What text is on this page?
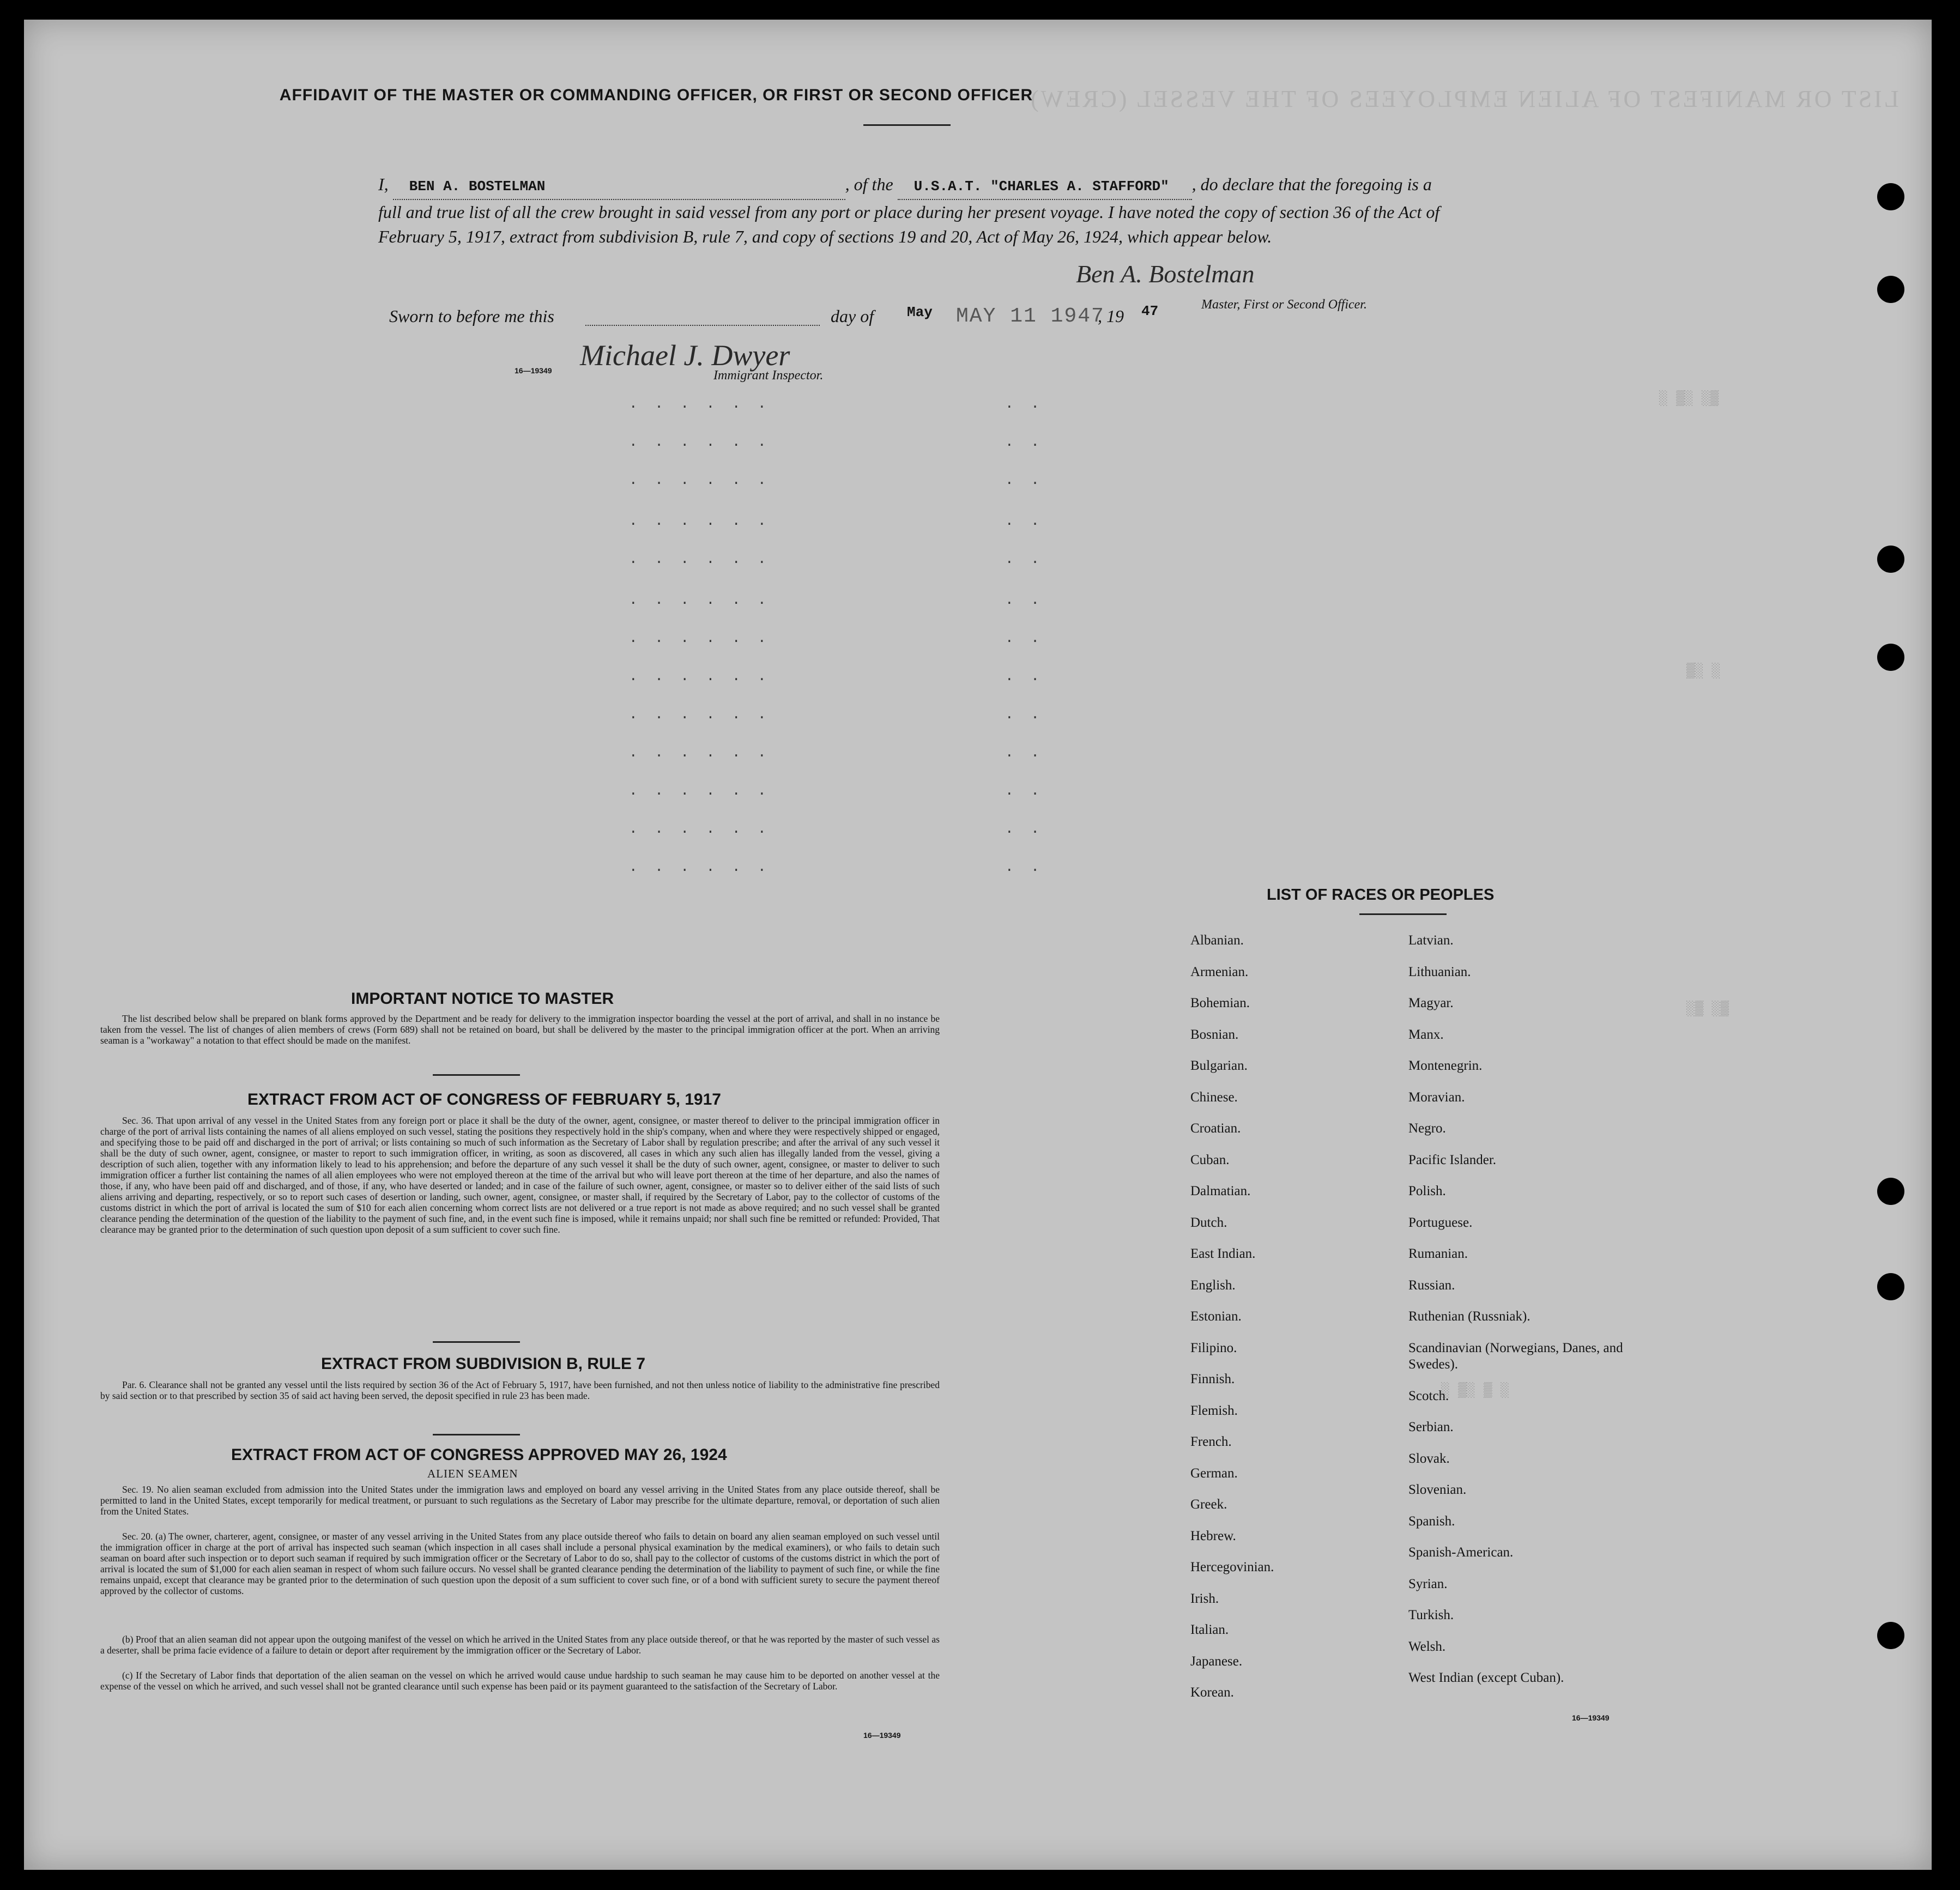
LIST OR MANIFEST OF ALIEN EMPLOYEES OF THE VESSEL (CREW)
░ ▒░ ░▒
▒░ ░
░▒ ░▒
░ ▒░ ▒ ░
AFFIDAVIT OF THE MASTER OR COMMANDING OFFICER, OR FIRST OR SECOND OFFICER
I, BEN A. BOSTELMAN	, of the U.S.A.T. "CHARLES A. STAFFORD" , do declare that the foregoing is a full and true list of all the crew brought in said vessel from any port or place during her present voyage. I have noted the copy of section 36 of the Act of February 5, 1917, extract from subdivision B, rule 7, and copy of sections 19 and 20, Act of May 26, 1924, which appear below.
Ben A. Bostelman
Master, First or Second Officer.
Sworn to before me this	day of May MAY 11 1947
, 19 47
Michael J. Dwyer
16—19349	Immigrant Inspector.
. . . . . .
. . . . . .
. . . . . .
. . . . . .
. . . . . .
. . . . . .
. . . . . .
. . . . . .
. . . . . .
. . . . . .
. . . . . .
. . . . . .
. . . . . .
. .
. .
. .
. .
. .
. .
. .
. .
. .
. .
. .
. .
. .
IMPORTANT NOTICE TO MASTER
The list described below shall be prepared on blank forms approved by the Department and be ready for delivery to the immigration inspector boarding the vessel at the port of arrival, and shall in no instance be taken from the vessel. The list of changes of alien members of crews (Form 689) shall not be retained on board, but shall be delivered by the master to the principal immigration officer at the port. When an arriving seaman is a "workaway" a notation to that effect should be made on the manifest.
EXTRACT FROM ACT OF CONGRESS OF FEBRUARY 5, 1917
Sec. 36. That upon arrival of any vessel in the United States from any foreign port or place it shall be the duty of the owner, agent, consignee, or master thereof to deliver to the principal immigration officer in charge of the port of arrival lists containing the names of all aliens employed on such vessel, stating the positions they respectively hold in the ship's company, when and where they were respectively shipped or engaged, and specifying those to be paid off and discharged in the port of arrival; or lists containing so much of such information as the Secretary of Labor shall by regulation prescribe; and after the arrival of any such vessel it shall be the duty of such owner, agent, consignee, or master to report to such immigration officer, in writing, as soon as discovered, all cases in which any such alien has illegally landed from the vessel, giving a description of such alien, together with any information likely to lead to his apprehension; and before the departure of any such vessel it shall be the duty of such owner, agent, consignee, or master to deliver to such immigration officer a further list containing the names of all alien employees who were not employed thereon at the time of the arrival but who will leave port thereon at the time of her departure, and also the names of those, if any, who have been paid off and discharged, and of those, if any, who have deserted or landed; and in case of the failure of such owner, agent, consignee, or master so to deliver either of the said lists of such aliens arriving and departing, respectively, or so to report such cases of desertion or landing, such owner, agent, consignee, or master shall, if required by the Secretary of Labor, pay to the collector of customs of the customs district in which the port of arrival is located the sum of $10 for each alien concerning whom correct lists are not delivered or a true report is not made as above required; and no such vessel shall be granted clearance pending the determination of the question of the liability to the payment of such fine, and, in the event such fine is imposed, while it remains unpaid; nor shall such fine be remitted or refunded: Provided, That clearance may be granted prior to the determination of such question upon deposit of a sum sufficient to cover such fine.
EXTRACT FROM SUBDIVISION B, RULE 7
Par. 6. Clearance shall not be granted any vessel until the lists required by section 36 of the Act of February 5, 1917, have been furnished, and not then unless notice of liability to the administrative fine prescribed by said section or to that prescribed by section 35 of said act having been served, the deposit specified in rule 23 has been made.
EXTRACT FROM ACT OF CONGRESS APPROVED MAY 26, 1924
ALIEN SEAMEN
Sec. 19. No alien seaman excluded from admission into the United States under the immigration laws and employed on board any vessel arriving in the United States from any place outside thereof, shall be permitted to land in the United States, except temporarily for medical treatment, or pursuant to such regulations as the Secretary of Labor may prescribe for the ultimate departure, removal, or deportation of such alien from the United States.
Sec. 20. (a) The owner, charterer, agent, consignee, or master of any vessel arriving in the United States from any place outside thereof who fails to detain on board any alien seaman employed on such vessel until the immigration officer in charge at the port of arrival has inspected such seaman (which inspection in all cases shall include a personal physical examination by the medical examiners), or who fails to detain such seaman on board after such inspection or to deport such seaman if required by such immigration officer or the Secretary of Labor to do so, shall pay to the collector of customs of the customs district in which the port of arrival is located the sum of $1,000 for each alien seaman in respect of whom such failure occurs. No vessel shall be granted clearance pending the determination of the liability to payment of such fine, or while the fine remains unpaid, except that clearance may be granted prior to the determination of such question upon the deposit of a sum sufficient to cover such fine, or of a bond with sufficient surety to secure the payment thereof approved by the collector of customs.
(b) Proof that an alien seaman did not appear upon the outgoing manifest of the vessel on which he arrived in the United States from any place outside thereof, or that he was reported by the master of such vessel as a deserter, shall be prima facie evidence of a failure to detain or deport after requirement by the immigration officer or the Secretary of Labor.
(c) If the Secretary of Labor finds that deportation of the alien seaman on the vessel on which he arrived would cause undue hardship to such seaman he may cause him to be deported on another vessel at the expense of the vessel on which he arrived, and such vessel shall not be granted clearance until such expense has been paid or its payment guaranteed to the satisfaction of the Secretary of Labor.
16—19349
LIST OF RACES OR PEOPLES
Albanian.
Armenian.
Bohemian.
Bosnian.
Bulgarian.
Chinese.
Croatian.
Cuban.
Dalmatian.
Dutch.
East Indian.
English.
Estonian.
Filipino.
Finnish.
Flemish.
French.
German.
Greek.
Hebrew.
Hercegovinian.
Irish.
Italian.
Japanese.
Korean.
Latvian.
Lithuanian.
Magyar.
Manx.
Montenegrin.
Moravian.
Negro.
Pacific Islander.
Polish.
Portuguese.
Rumanian.
Russian.
Ruthenian (Russniak).
Scandinavian (Norwegians, Danes, and Swedes).
Scotch.
Serbian.
Slovak.
Slovenian.
Spanish.
Spanish-American.
Syrian.
Turkish.
Welsh.
West Indian (except Cuban).
16—19349
